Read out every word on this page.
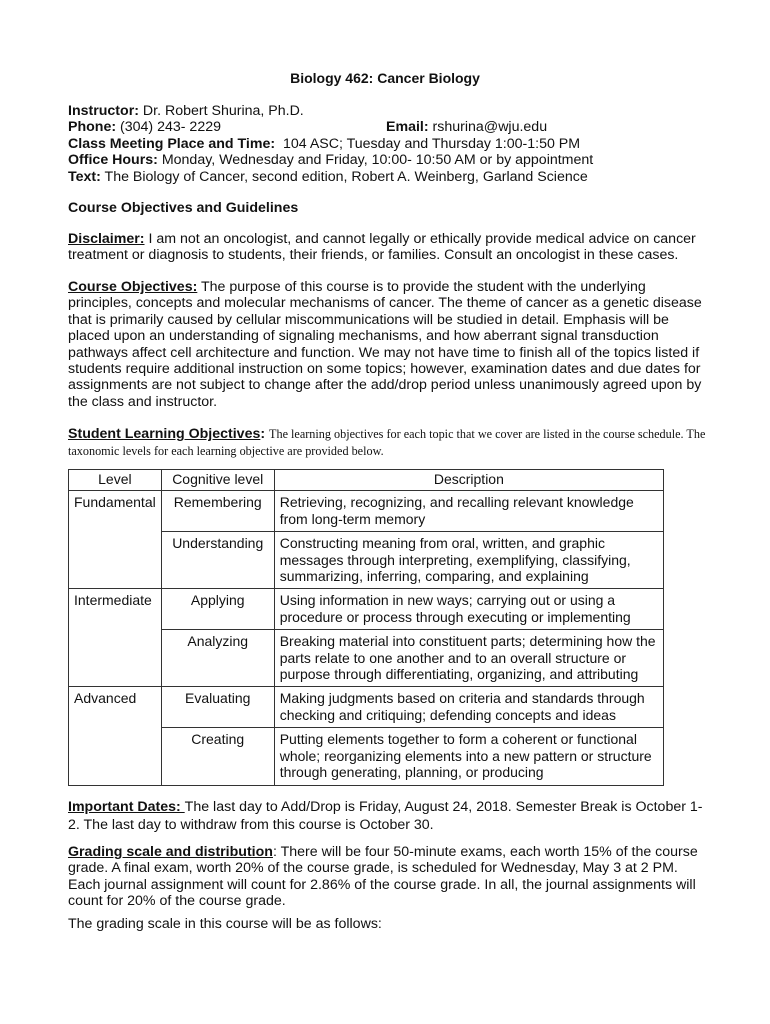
Biology 462: Cancer Biology
Instructor: Dr. Robert Shurina, Ph.D.
Phone: (304) 243- 2229	Email: rshurina@wju.edu
Class Meeting Place and Time: 104 ASC; Tuesday and Thursday 1:00-1:50 PM
Office Hours: Monday, Wednesday and Friday, 10:00- 10:50 AM or by appointment
Text: The Biology of Cancer, second edition, Robert A. Weinberg, Garland Science
Course Objectives and Guidelines
Disclaimer: I am not an oncologist, and cannot legally or ethically provide medical advice on cancer treatment or diagnosis to students, their friends, or families. Consult an oncologist in these cases.
Course Objectives: The purpose of this course is to provide the student with the underlying principles, concepts and molecular mechanisms of cancer. The theme of cancer as a genetic disease that is primarily caused by cellular miscommunications will be studied in detail. Emphasis will be placed upon an understanding of signaling mechanisms, and how aberrant signal transduction pathways affect cell architecture and function. We may not have time to finish all of the topics listed if students require additional instruction on some topics; however, examination dates and due dates for assignments are not subject to change after the add/drop period unless unanimously agreed upon by the class and instructor.
Student Learning Objectives: The learning objectives for each topic that we cover are listed in the course schedule. The taxonomic levels for each learning objective are provided below.
Level	Cognitive level	Description
Fundamental	Remembering	Retrieving, recognizing, and recalling relevant knowledge from long-term memory
	Understanding	Constructing meaning from oral, written, and graphic messages through interpreting, exemplifying, classifying, summarizing, inferring, comparing, and explaining
Intermediate	Applying	Using information in new ways; carrying out or using a procedure or process through executing or implementing
	Analyzing	Breaking material into constituent parts; determining how the parts relate to one another and to an overall structure or purpose through differentiating, organizing, and attributing
Advanced	Evaluating	Making judgments based on criteria and standards through checking and critiquing; defending concepts and ideas
	Creating	Putting elements together to form a coherent or functional whole; reorganizing elements into a new pattern or structure through generating, planning, or producing
Important Dates: The last day to Add/Drop is Friday, August 24, 2018. Semester Break is October 1-2. The last day to withdraw from this course is October 30.
Grading scale and distribution: There will be four 50-minute exams, each worth 15% of the course grade. A final exam, worth 20% of the course grade, is scheduled for Wednesday, May 3 at 2 PM. Each journal assignment will count for 2.86% of the course grade. In all, the journal assignments will count for 20% of the course grade.
The grading scale in this course will be as follows:
